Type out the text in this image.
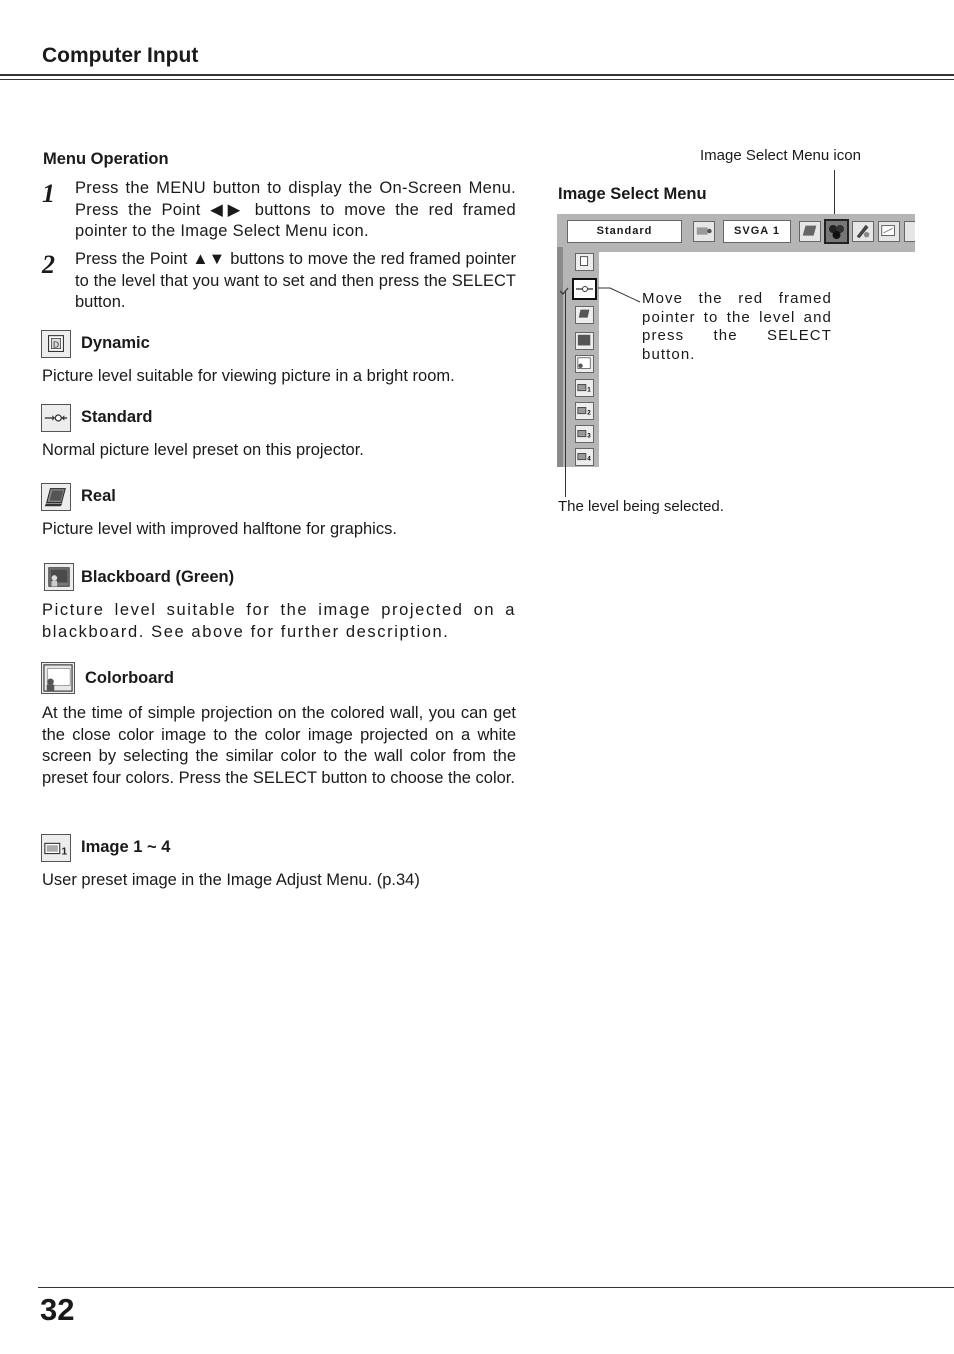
Computer Input
Menu Operation
1 Press the MENU button to display the On-Screen Menu. Press the Point ◀▶ buttons to move the red framed pointer to the Image Select Menu icon.
2 Press the Point ▲▼ buttons to move the red framed pointer to the level that you want to set and then press the SELECT button.
D Dynamic
Picture level suitable for viewing picture in a bright room.
Standard
Normal picture level preset on this projector.
Real
Picture level with improved halftone for graphics.
Blackboard (Green)
Picture level suitable for the image projected on a blackboard. See above for further description.
Colorboard
At the time of simple projection on the colored wall, you can get the close color image to the color image projected on a white screen by selecting the similar color to the wall color from the preset four colors. Press the SELECT button to choose the color.
1 Image 1 ~ 4
User preset image in the Image Adjust Menu. (p.34)
Image Select Menu icon
Image Select Menu
Standard	SVGA 1
1
2
3
4
Move the red framed pointer to the level and press the SELECT button.
The level being selected.
32
